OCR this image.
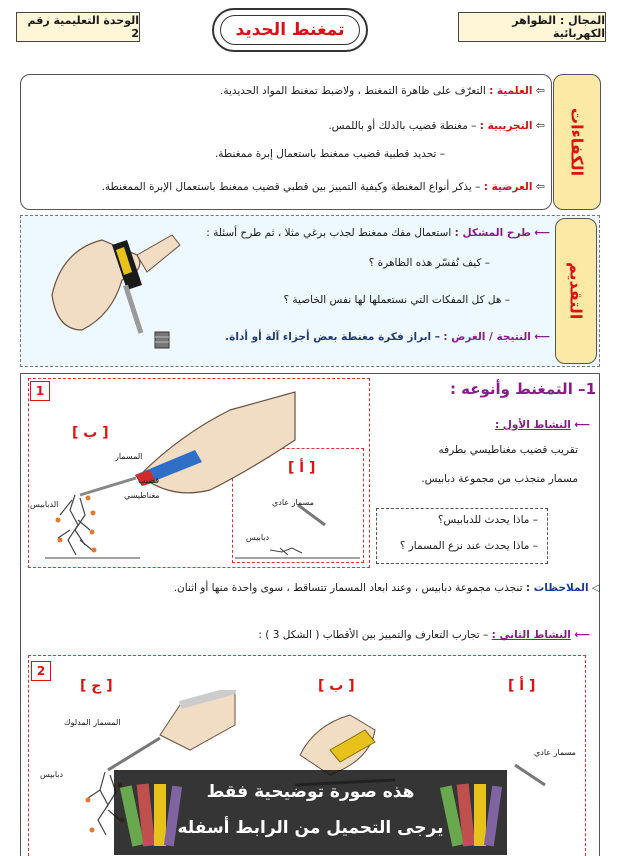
الوحدة التعليمية رقم 2	تمغنط الحديد	المجال : الظواهر الكهربائية
الكفاءات
⇦ العلمية : التعرّف على ظاهرة التمغنط ، ولاضبط تمغنط المواد الحديدية.
⇦ التجريبية : – مغنطة قضيب بالدلك أو باللمس.
– تحديد قطبية قضيب ممغنط باستعمال إبرة ممغنطة.
⇦ العرضية : – يذكر أنواع المغنطة وكيفية التمييز بين قطبي قضيب ممغنط باستعمال الإبرة الممغنطة.
التقديم
⟵ طرح المشكل : استعمال مفك ممغنط لجذب برغي مثلا ، ثم طرح أسئلة :
– كيف نُفسّر هذه الظاهرة ؟
– هل كل المفكات التي نستعملها لها نفس الخاصية ؟
⟵ النتيجة / الغرض : – ابراز فكرة مغنطة بعض أجزاء آلة أو أداة.
1– التمغنط وأنوعه :
1
[ ب ]
[ أ ]
المسمار
قضيب
مغناطيسي
الدبابيس	مسمار عادي
دبابيس
⟵ النشاط الأول :
تقريب قضيب مغناطيسي بطرفه
مسمار منجذب من مجموعة دبابيس.
– ماذا يحدث للدبابيس؟
– ماذا يحدث عند نزع المسمار ؟
◁ الملاحظات : تنجذب مجموعة دبابيس ، وعند ابعاد المسمار تتساقط ، سوى واحدة منها أو اثنان.
⟵ النشاط الثاني : – تجارب التعارف والتمييز بين الأقطاب ( الشكل 3 ) :
2
[ ج ]	[ ب ]	[ أ ]
المسمار المدلوك
دبابيس
مسمار عادي
هذه صورة توضيحية فقط
يرجى التحميل من الرابط أسفله
